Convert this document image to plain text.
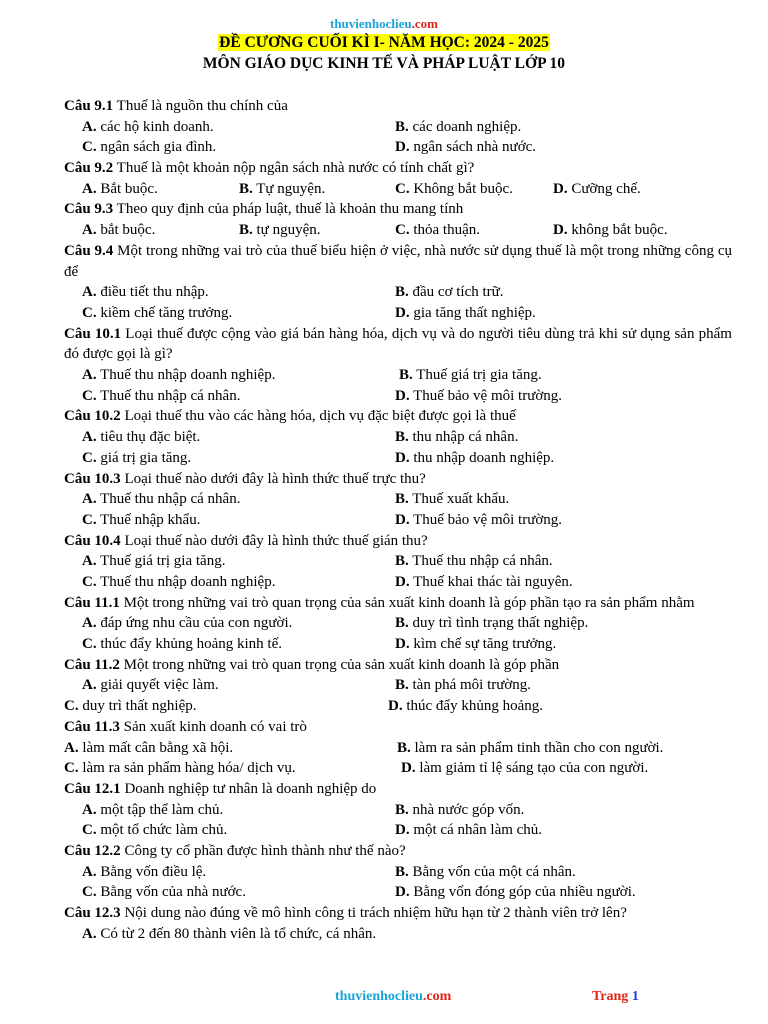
thuvienhoclieu.com
ĐỀ CƯƠNG CUỐI KÌ I- NĂM HỌC: 2024 - 2025
MÔN GIÁO DỤC KINH TẾ VÀ PHÁP LUẬT LỚP 10
Câu 9.1 Thuế là nguồn thu chính của
A. các hộ kinh doanh.	B. các doanh nghiệp.
C. ngân sách gia đình.	D. ngân sách nhà nước.
Câu 9.2 Thuế là một khoản nộp ngân sách nhà nước có tính chất gì?
A. Bắt buộc.	B. Tự nguyện.	C. Không bắt buộc.	D. Cưỡng chế.
Câu 9.3 Theo quy định của pháp luật, thuế là khoản thu mang tính
A. bắt buộc.	B. tự nguyện.	C. thỏa thuận.	D. không bắt buộc.
Câu 9.4 Một trong những vai trò của thuế biểu hiện ở việc, nhà nước sử dụng thuế là một trong những công cụ để
A. điều tiết thu nhập.	B. đầu cơ tích trữ.
C. kiềm chế tăng trưởng.	D. gia tăng thất nghiệp.
Câu 10.1 Loại thuế được cộng vào giá bán hàng hóa, dịch vụ và do người tiêu dùng trả khi sử dụng sản phẩm đó được gọi là gì?
A. Thuế thu nhập doanh nghiệp.	B. Thuế giá trị gia tăng.
C. Thuế thu nhập cá nhân.	D. Thuế bảo vệ môi trường.
Câu 10.2 Loại thuế thu vào các hàng hóa, dịch vụ đặc biệt được gọi là thuế
A. tiêu thụ đặc biệt.	B. thu nhập cá nhân.
C. giá trị gia tăng.	D. thu nhập doanh nghiệp.
Câu 10.3 Loại thuế nào dưới đây là hình thức thuế trực thu?
A. Thuế thu nhập cá nhân.	B. Thuế xuất khẩu.
C. Thuế nhập khẩu.	D. Thuế bảo vệ môi trường.
Câu 10.4 Loại thuế nào dưới đây là hình thức thuế gián thu?
A. Thuế giá trị gia tăng.	B. Thuế thu nhập cá nhân.
C. Thuế thu nhập doanh nghiệp.	D. Thuế khai thác tài nguyên.
Câu 11.1 Một trong những vai trò quan trọng của sản xuất kinh doanh là góp phần tạo ra sản phẩm nhằm
A. đáp ứng nhu cầu của con người.	B. duy trì tình trạng thất nghiệp.
C. thúc đẩy khủng hoảng kinh tế.	D. kìm chế sự tăng trưởng.
Câu 11.2 Một trong những vai trò quan trọng của sản xuất kinh doanh là góp phần
A. giải quyết việc làm.	B. tàn phá môi trường.
C. duy trì thất nghiệp.	D. thúc đẩy khủng hoảng.
Câu 11.3 Sản xuất kinh doanh có vai trò
A. làm mất cân bằng xã hội.	B. làm ra sản phẩm tinh thần cho con người.
C. làm ra sản phẩm hàng hóa/ dịch vụ.	D. làm giảm tỉ lệ sáng tạo của con người.
Câu 12.1 Doanh nghiệp tư nhân là doanh nghiệp do
A. một tập thể làm chủ.	B. nhà nước góp vốn.
C. một tổ chức làm chủ.	D. một cá nhân làm chủ.
Câu 12.2 Công ty cổ phần được hình thành như thế nào?
A. Bằng vốn điều lệ.	B. Bằng vốn của một cá nhân.
C. Bằng vốn của nhà nước.	D. Bằng vốn đóng góp của nhiều người.
Câu 12.3 Nội dung nào đúng về mô hình công ti trách nhiệm hữu hạn từ 2 thành viên trở lên?
A. Có từ 2 đến 80 thành viên là tổ chức, cá nhân.
thuvienhoclieu.com	Trang 1
